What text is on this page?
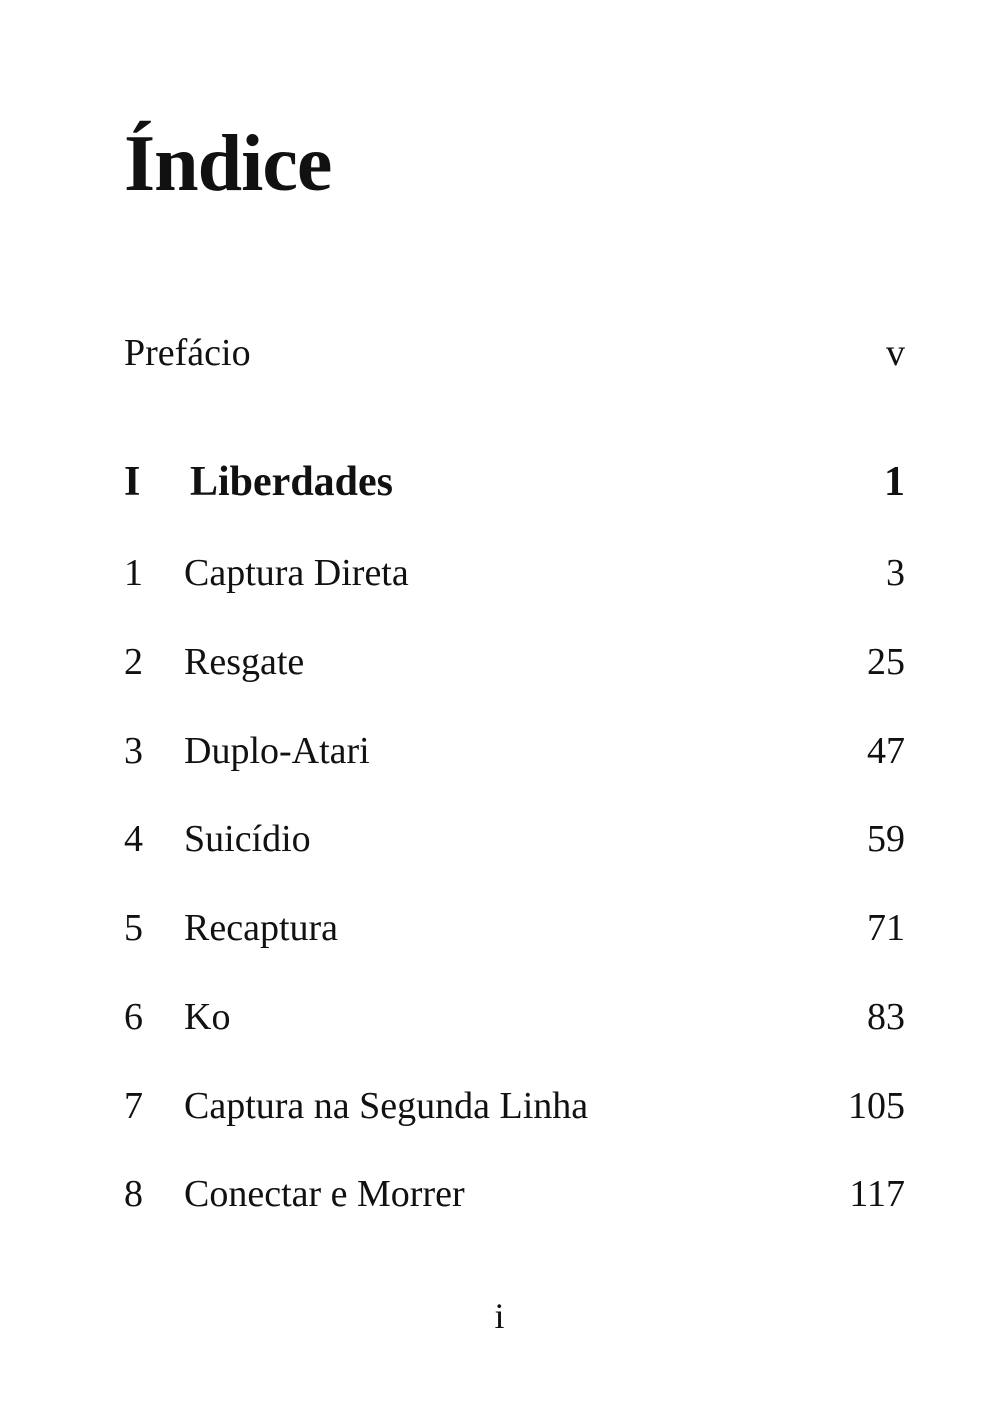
Índice
Prefácio	v
I Liberdades	1
1 Captura Direta	3
2 Resgate	25
3 Duplo-Atari	47
4 Suicídio	59
5 Recaptura	71
6 Ko	83
7 Captura na Segunda Linha	105
8 Conectar e Morrer	117
i
